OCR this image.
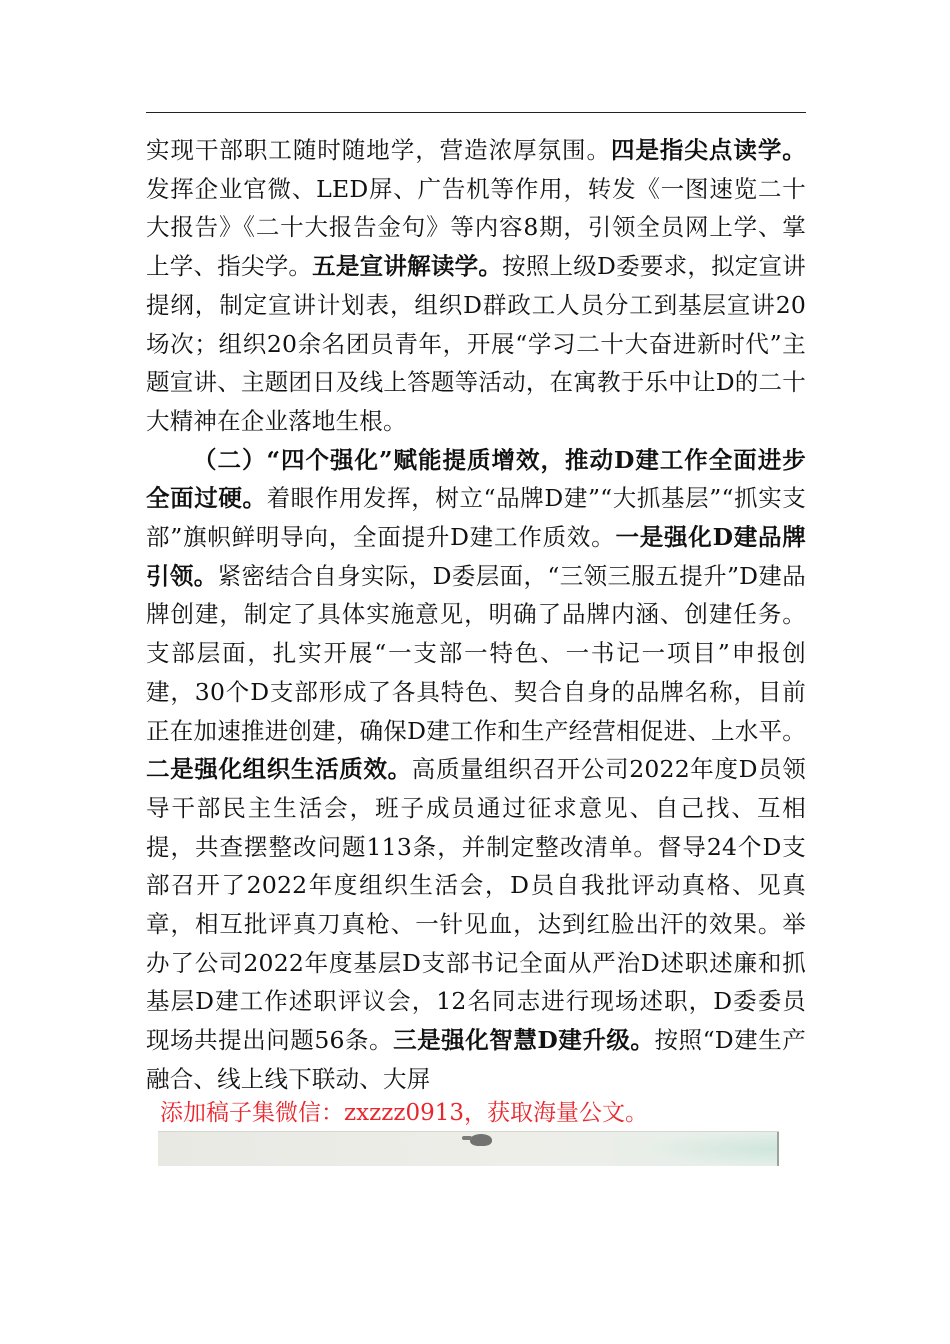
实现干部职工随时随地学，营造浓厚氛围。四是指尖点读学。发挥企业官微、LED屏、广告机等作用，转发《一图速览二十大报告》《二十大报告金句》等内容8期，引领全员网上学、掌上学、指尖学。五是宣讲解读学。按照上级D委要求，拟定宣讲提纲，制定宣讲计划表，组织D群政工人员分工到基层宣讲20场次；组织20余名团员青年，开展“学习二十大奋进新时代”主题宣讲、主题团日及线上答题等活动，在寓教于乐中让D的二十大精神在企业落地生根。

（二）“四个强化”赋能提质增效，推动D建工作全面进步全面过硬。着眼作用发挥，树立“品牌D建”“大抓基层”“抓实支部”旗帜鲜明导向，全面提升D建工作质效。一是强化D建品牌引领。紧密结合自身实际，D委层面，“三领三服五提升”D建品牌创建，制定了具体实施意见，明确了品牌内涵、创建任务。支部层面，扎实开展“一支部一特色、一书记一项目”申报创建，30个D支部形成了各具特色、契合自身的品牌名称，目前正在加速推进创建，确保D建工作和生产经营相促进、上水平。二是强化组织生活质效。高质量组织召开公司2022年度D员领导干部民主生活会，班子成员通过征求意见、自己找、互相提，共查摆整改问题113条，并制定整改清单。督导24个D支部召开了2022年度组织生活会，D员自我批评动真格、见真章，相互批评真刀真枪、一针见血，达到红脸出汗的效果。举办了公司2022年度基层D支部书记全面从严治D述职述廉和抓基层D建工作述职评议会，12名同志进行现场述职，D委委员现场共提出问题56条。三是强化智慧D建升级。按照“D建生产融合、线上线下联动、大屏

添加稿子集微信：zxzzz0913，获取海量公文。
